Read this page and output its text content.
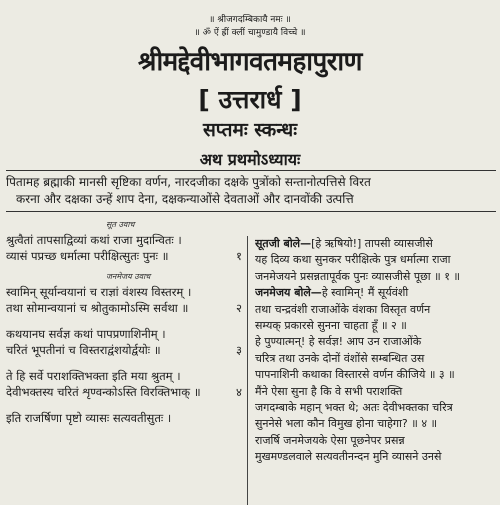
॥ श्रीजगदम्बिकायै नमः ॥
॥ ॐ ऐं ह्रीं क्लीं चामुण्डायै विच्चे ॥
श्रीमद्देवीभागवतमहापुराण
[ उत्तरार्ध ]
सप्तमः स्कन्धः
अथ प्रथमोऽध्यायः
पितामह ब्रह्माकी मानसी सृष्टिका वर्णन, नारदजीका दक्षके पुत्रोंको सन्तानोत्पत्तिसे विरत
करना और दक्षका उन्हें शाप देना, दक्षकन्याओंसे देवताओं और दानवोंकी उत्पत्ति
सूत उवाच
श्रुत्वैतां तापसाद्विव्यां कथां राजा मुदान्वितः ।
व्यासं पप्रच्छ धर्मात्मा परीक्षित्सुतः पुनः ॥	१
जनमेजय उवाच
स्वामिन् सूर्यान्वयानां च राज्ञां वंशस्य विस्तरम् ।
तथा सोमान्वयानां च श्रोतुकामोऽस्मि सर्वथा ॥	२
कथयानघ सर्वज्ञ कथां पापप्रणाशिनीम् ।
चरितं भूपतीनां च विस्तराद्वंशयोर्द्वयोः ॥	३
ते हि सर्वे पराशक्तिभक्ता इति मया श्रुतम् ।
देवीभक्तस्य चरितं शृण्वन्कोऽस्ति विरक्तिभाक् ॥	४
इति राजर्षिणा पृष्टो व्यासः सत्यवतीसुतः ।
सूतजी बोले—[हे ऋषियो!] तापसी व्यासजीसे
यह दिव्य कथा सुनकर परीक्षित्के पुत्र धर्मात्मा राजा
जनमेजयने प्रसन्नतापूर्वक पुनः व्यासजीसे पूछा ॥ १ ॥
जनमेजय बोले—हे स्वामिन्! मैं सूर्यवंशी
तथा चन्द्रवंशी राजाओंके वंशका विस्तृत वर्णन
सम्यक् प्रकारसे सुनना चाहता हूँ ॥ २ ॥
हे पुण्यात्मन्! हे सर्वज्ञ! आप उन राजाओंके
चरित्र तथा उनके दोनों वंशोंसे सम्बन्धित उस
पापनाशिनी कथाका विस्तारसे वर्णन कीजिये ॥ ३ ॥
मैंने ऐसा सुना है कि वे सभी पराशक्ति
जगदम्बाके महान् भक्त थे; अतः देवीभक्तका चरित्र
सुननेसे भला कौन विमुख होना चाहेगा? ॥ ४ ॥
राजर्षि जनमेजयके ऐसा पूछनेपर प्रसन्न
मुखमण्डलवाले सत्यवतीनन्दन मुनि व्यासने उनसे
